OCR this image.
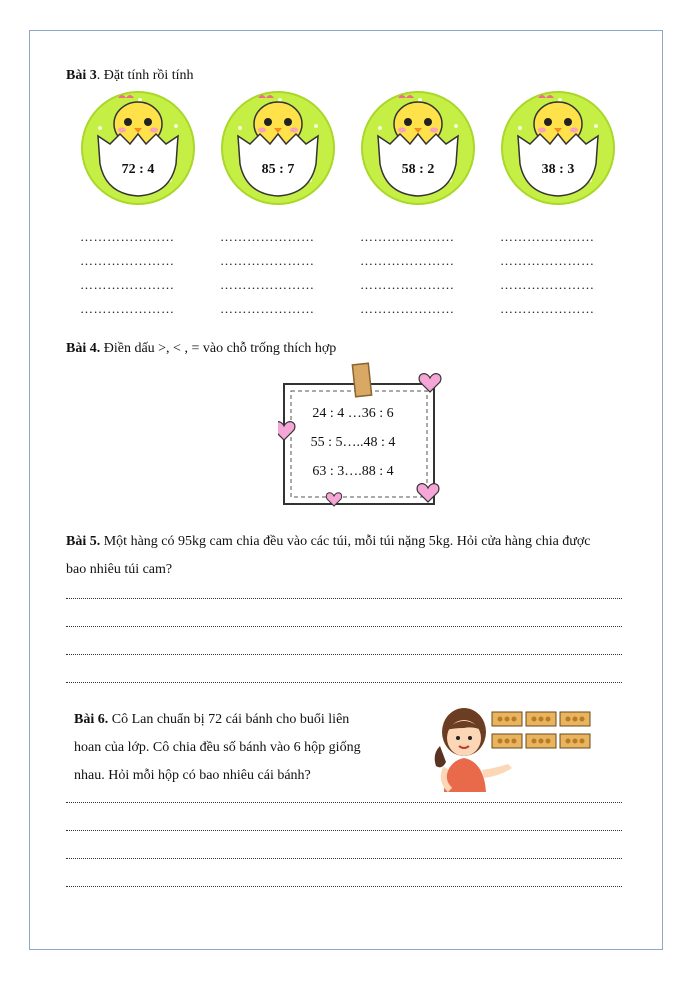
Bài 3. Đặt tính rồi tính
72 : 4	85 : 7	58 : 2	38 : 3
…………………	…………………	…………………	…………………
…………………	…………………	…………………	…………………
…………………	…………………	…………………	…………………
…………………	…………………	…………………	…………………
Bài 4. Điền dấu >, < , = vào chỗ trống thích hợp
24 : 4 …36 : 6
55 : 5…..48 : 4
63 : 3….88 : 4
Bài 5. Một hàng có 95kg cam chia đều vào các túi, mỗi túi nặng 5kg. Hỏi cửa hàng chia được
bao nhiêu túi cam?
Bài 6. Cô Lan chuẩn bị 72 cái bánh cho buổi liên
hoan của lớp. Cô chia đều số bánh vào 6 hộp giống
nhau. Hỏi mỗi hộp có bao nhiêu cái bánh?
